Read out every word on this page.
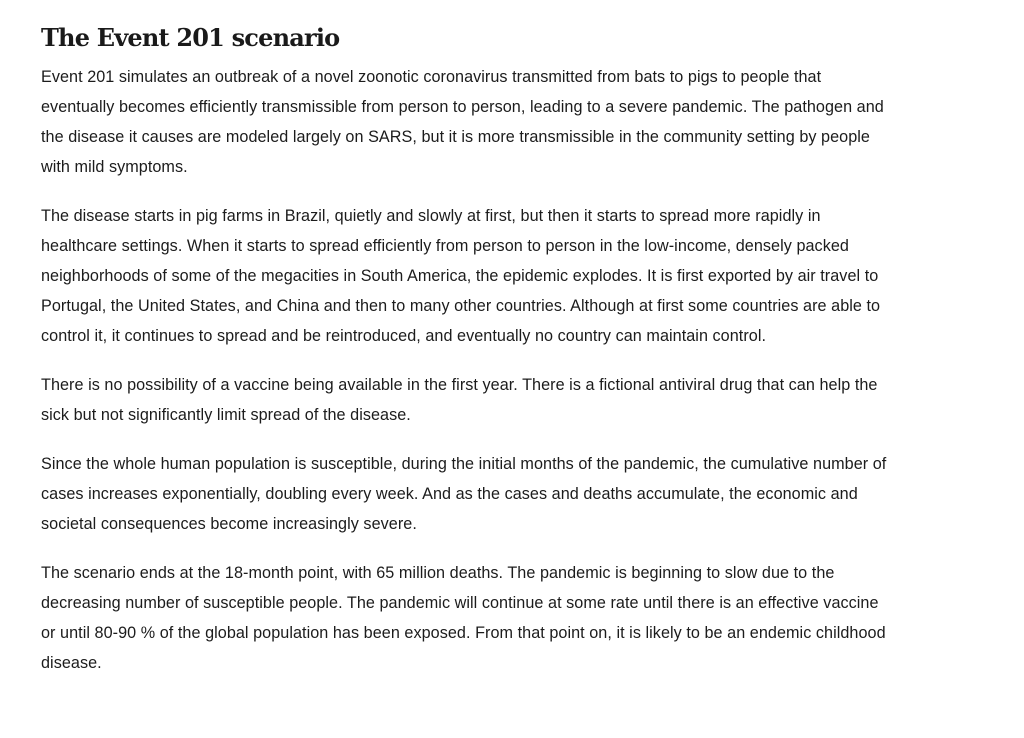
The Event 201 scenario

Event 201 simulates an outbreak of a novel zoonotic coronavirus transmitted from bats to pigs to people that eventually becomes efficiently transmissible from person to person, leading to a severe pandemic. The pathogen and the disease it causes are modeled largely on SARS, but it is more transmissible in the community setting by people with mild symptoms.

The disease starts in pig farms in Brazil, quietly and slowly at first, but then it starts to spread more rapidly in healthcare settings. When it starts to spread efficiently from person to person in the low-income, densely packed neighborhoods of some of the megacities in South America, the epidemic explodes. It is first exported by air travel to Portugal, the United States, and China and then to many other countries. Although at first some countries are able to control it, it continues to spread and be reintroduced, and eventually no country can maintain control.

There is no possibility of a vaccine being available in the first year. There is a fictional antiviral drug that can help the sick but not significantly limit spread of the disease.

Since the whole human population is susceptible, during the initial months of the pandemic, the cumulative number of cases increases exponentially, doubling every week. And as the cases and deaths accumulate, the economic and societal consequences become increasingly severe.

The scenario ends at the 18-month point, with 65 million deaths. The pandemic is beginning to slow due to the decreasing number of susceptible people. The pandemic will continue at some rate until there is an effective vaccine or until 80-90 % of the global population has been exposed. From that point on, it is likely to be an endemic childhood disease.
